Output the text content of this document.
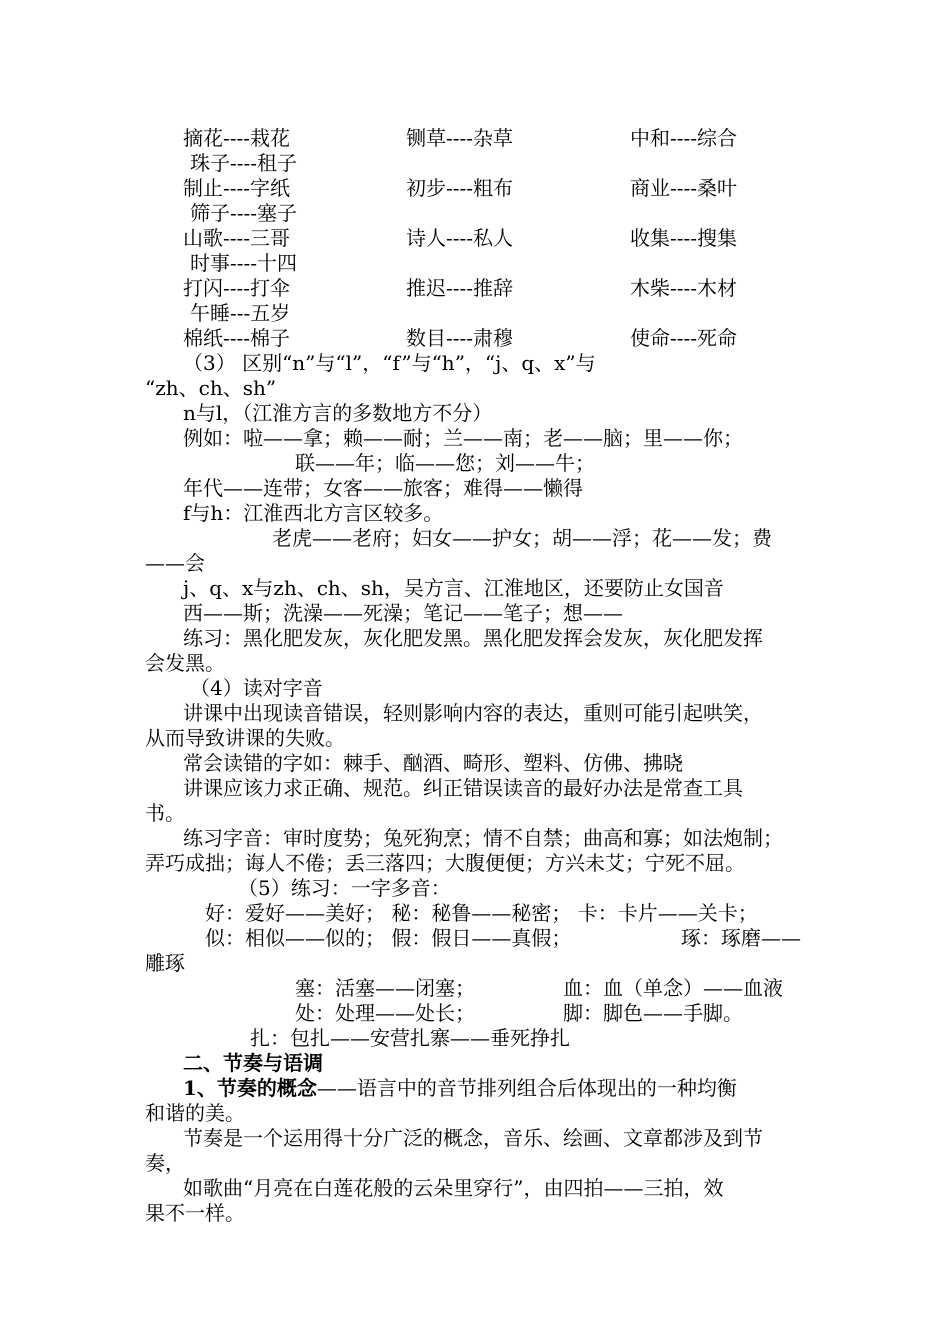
摘花----栽花	铡草----杂草	中和----综合
珠子----租子
制止----字纸	初步----粗布	商业----桑叶
筛子----塞子
山歌----三哥	诗人----私人	收集----搜集
时事----十四
打闪----打伞	推迟----推辞	木柴----木材
午睡---五岁
棉纸----棉子	数目----肃穆	使命----死命
（3） 区别“n”与“l”，“f”与“h”，“j、q、x”与
“zh、ch、sh”
n与l，（江淮方言的多数地方不分）
例如：啦——拿；赖——耐；兰——南；老——脑；里——你；
联——年；临——您；刘——牛；
年代——连带；女客——旅客；难得——懒得
f与h：江淮西北方言区较多。
老虎——老府；妇女——护女；胡——浮；花——发；费
——会
j、q、x与zh、ch、sh，吴方言、江淮地区，还要防止女国音
西——斯；洗澡——死澡；笔记——笔子；想——
练习：黑化肥发灰，灰化肥发黑。黑化肥发挥会发灰，灰化肥发挥
会发黑。
（4）读对字音
讲课中出现读音错误，轻则影响内容的表达，重则可能引起哄笑，
从而导致讲课的失败。
常会读错的字如：棘手、酗酒、畸形、塑料、仿佛、拂晓
讲课应该力求正确、规范。纠正错误读音的最好办法是常查工具
书。
练习字音：审时度势；兔死狗烹；情不自禁；曲高和寡；如法炮制；
弄巧成拙；诲人不倦；丢三落四；大腹便便；方兴未艾；宁死不屈。
（5）练习：一字多音：
好：爱好——美好； 秘：秘鲁——秘密； 卡：卡片——关卡；
似：相似——似的； 假：假日——真假；	琢：琢磨——
雕琢
塞：活塞——闭塞；	血：血（单念）——血液
处：处理——处长；	脚：脚色——手脚。
扎：包扎——安营扎寨——垂死挣扎
二、节奏与语调
1、节奏的概念——语言中的音节排列组合后体现出的一种均衡
和谐的美。
节奏是一个运用得十分广泛的概念，音乐、绘画、文章都涉及到节
奏，
如歌曲“月亮在白莲花般的云朵里穿行”，由四拍——三拍，效
果不一样。
